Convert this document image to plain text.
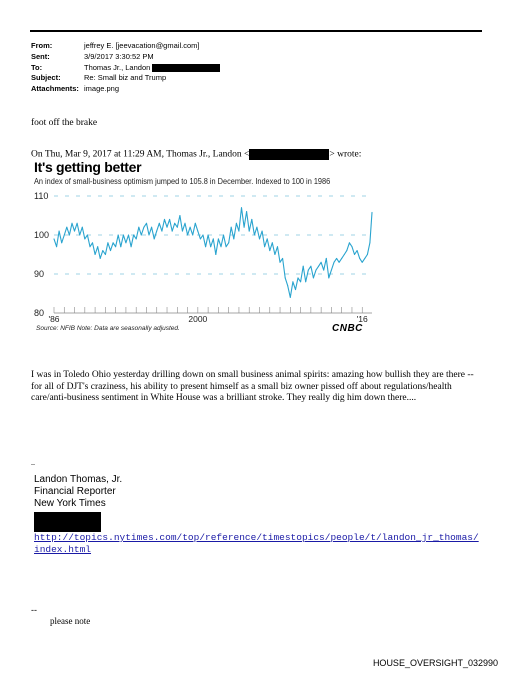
From:	jeffrey E. [jeevacation@gmail.com]
Sent:	3/9/2017 3:30:52 PM
To:	Thomas Jr., Landon
Subject:	Re: Small biz and Trump
Attachments: image.png
foot off the brake
On Thu, Mar 9, 2017 at 11:29 AM, Thomas Jr., Landon <	> wrote:
It's getting better
An index of small-business optimism jumped to 105.8 in December. Indexed to 100 in 1986
110
100
90
80
'86	2000	'16
Source: NFIB Note: Data are seasonally adjusted.	CNBC
I was in Toledo Ohio yesterday drilling down on small business animal spirits: amazing how bullish they are there -- for all of DJT's craziness, his ability to present himself as a small biz owner pissed off about regulations/health care/anti-business sentiment in White House was a brilliant stroke. They really dig him down there....
--
Landon Thomas, Jr.
Financial Reporter
New York Times
http://topics.nytimes.com/top/reference/timestopics/people/t/landon_jr_thomas/index.html
--
please note
HOUSE_OVERSIGHT_032990
